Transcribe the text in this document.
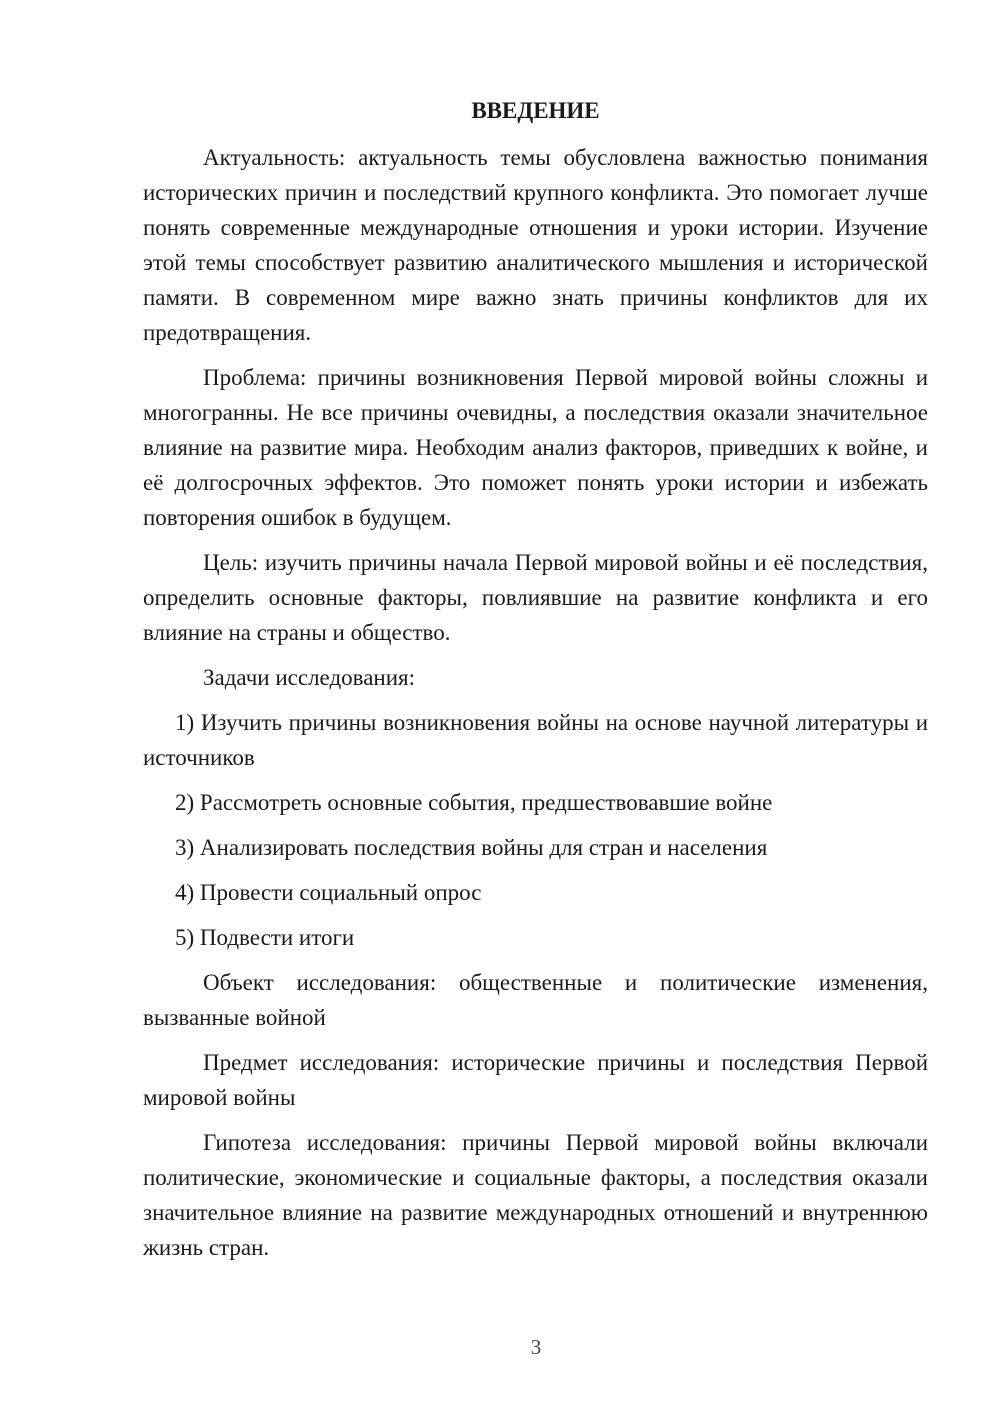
ВВЕДЕНИЕ

Актуальность: актуальность темы обусловлена важностью понимания исторических причин и последствий крупного конфликта. Это помогает лучше понять современные международные отношения и уроки истории. Изучение этой темы способствует развитию аналитического мышления и исторической памяти. В современном мире важно знать причины конфликтов для их предотвращения.

Проблема: причины возникновения Первой мировой войны сложны и многогранны. Не все причины очевидны, а последствия оказали значительное влияние на развитие мира. Необходим анализ факторов, приведших к войне, и её долгосрочных эффектов. Это поможет понять уроки истории и избежать повторения ошибок в будущем.

Цель: изучить причины начала Первой мировой войны и её последствия, определить основные факторы, повлиявшие на развитие конфликта и его влияние на страны и общество.

Задачи исследования:

1) Изучить причины возникновения войны на основе научной литературы и источников

2) Рассмотреть основные события, предшествовавшие войне

3) Анализировать последствия войны для стран и населения

4) Провести социальный опрос

5) Подвести итоги

Объект исследования: общественные и политические изменения, вызванные войной

Предмет исследования: исторические причины и последствия Первой мировой войны

Гипотеза исследования: причины Первой мировой войны включали политические, экономические и социальные факторы, а последствия оказали значительное влияние на развитие международных отношений и внутреннюю жизнь стран.

3
